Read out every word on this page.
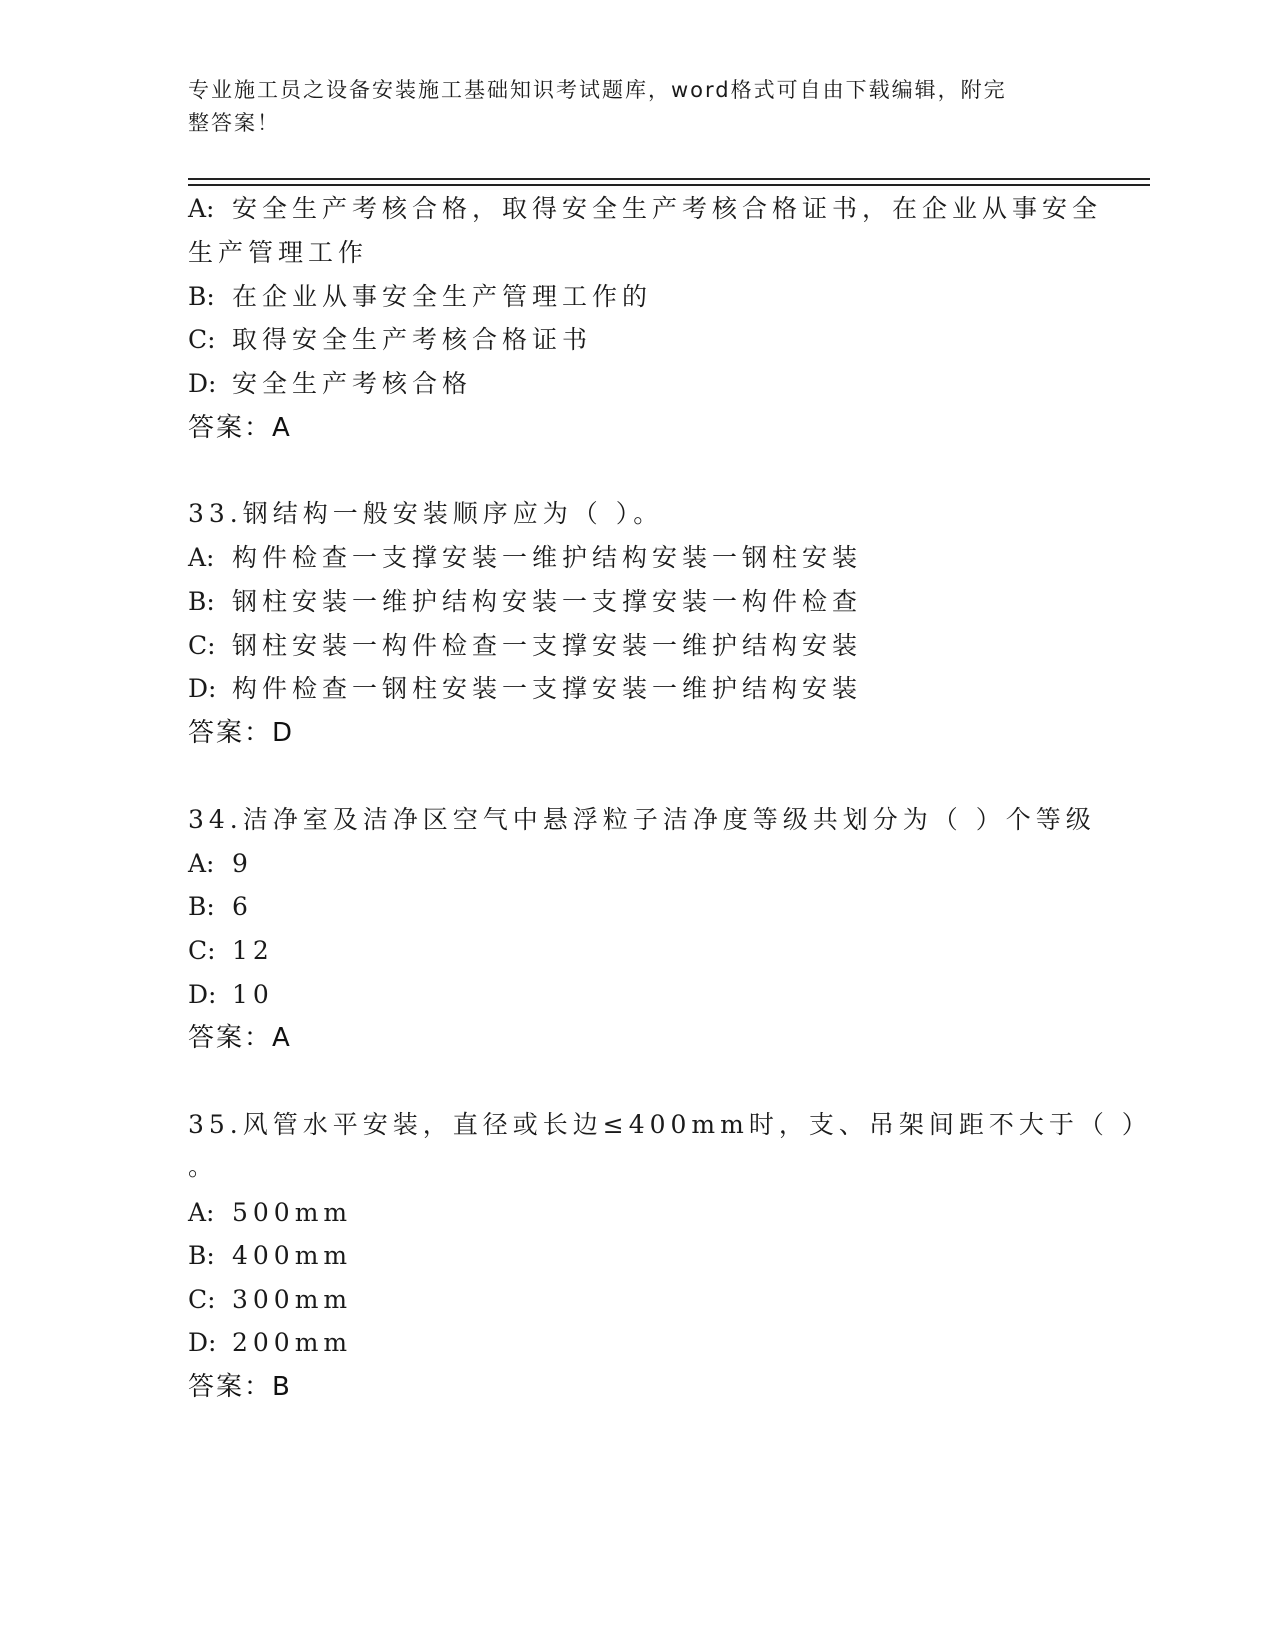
专业施工员之设备安装施工基础知识考试题库，word格式可自由下载编辑，附完
整答案！
A: 安全生产考核合格，取得安全生产考核合格证书，在企业从事安全
生产管理工作
B: 在企业从事安全生产管理工作的
C: 取得安全生产考核合格证书
D: 安全生产考核合格
答案：A
33.钢结构一般安装顺序应为（ ）。
A: 构件检查一支撑安装一维护结构安装一钢柱安装
B: 钢柱安装一维护结构安装一支撑安装一构件检查
C: 钢柱安装一构件检查一支撑安装一维护结构安装
D: 构件检查一钢柱安装一支撑安装一维护结构安装
答案：D
34.洁净室及洁净区空气中悬浮粒子洁净度等级共划分为（ ）个等级
A: 9
B: 6
C: 12
D: 10
答案：A
35.风管水平安装，直径或长边≤400mm时，支、吊架间距不大于（ ）
。
A: 500mm
B: 400mm
C: 300mm
D: 200mm
答案：B
